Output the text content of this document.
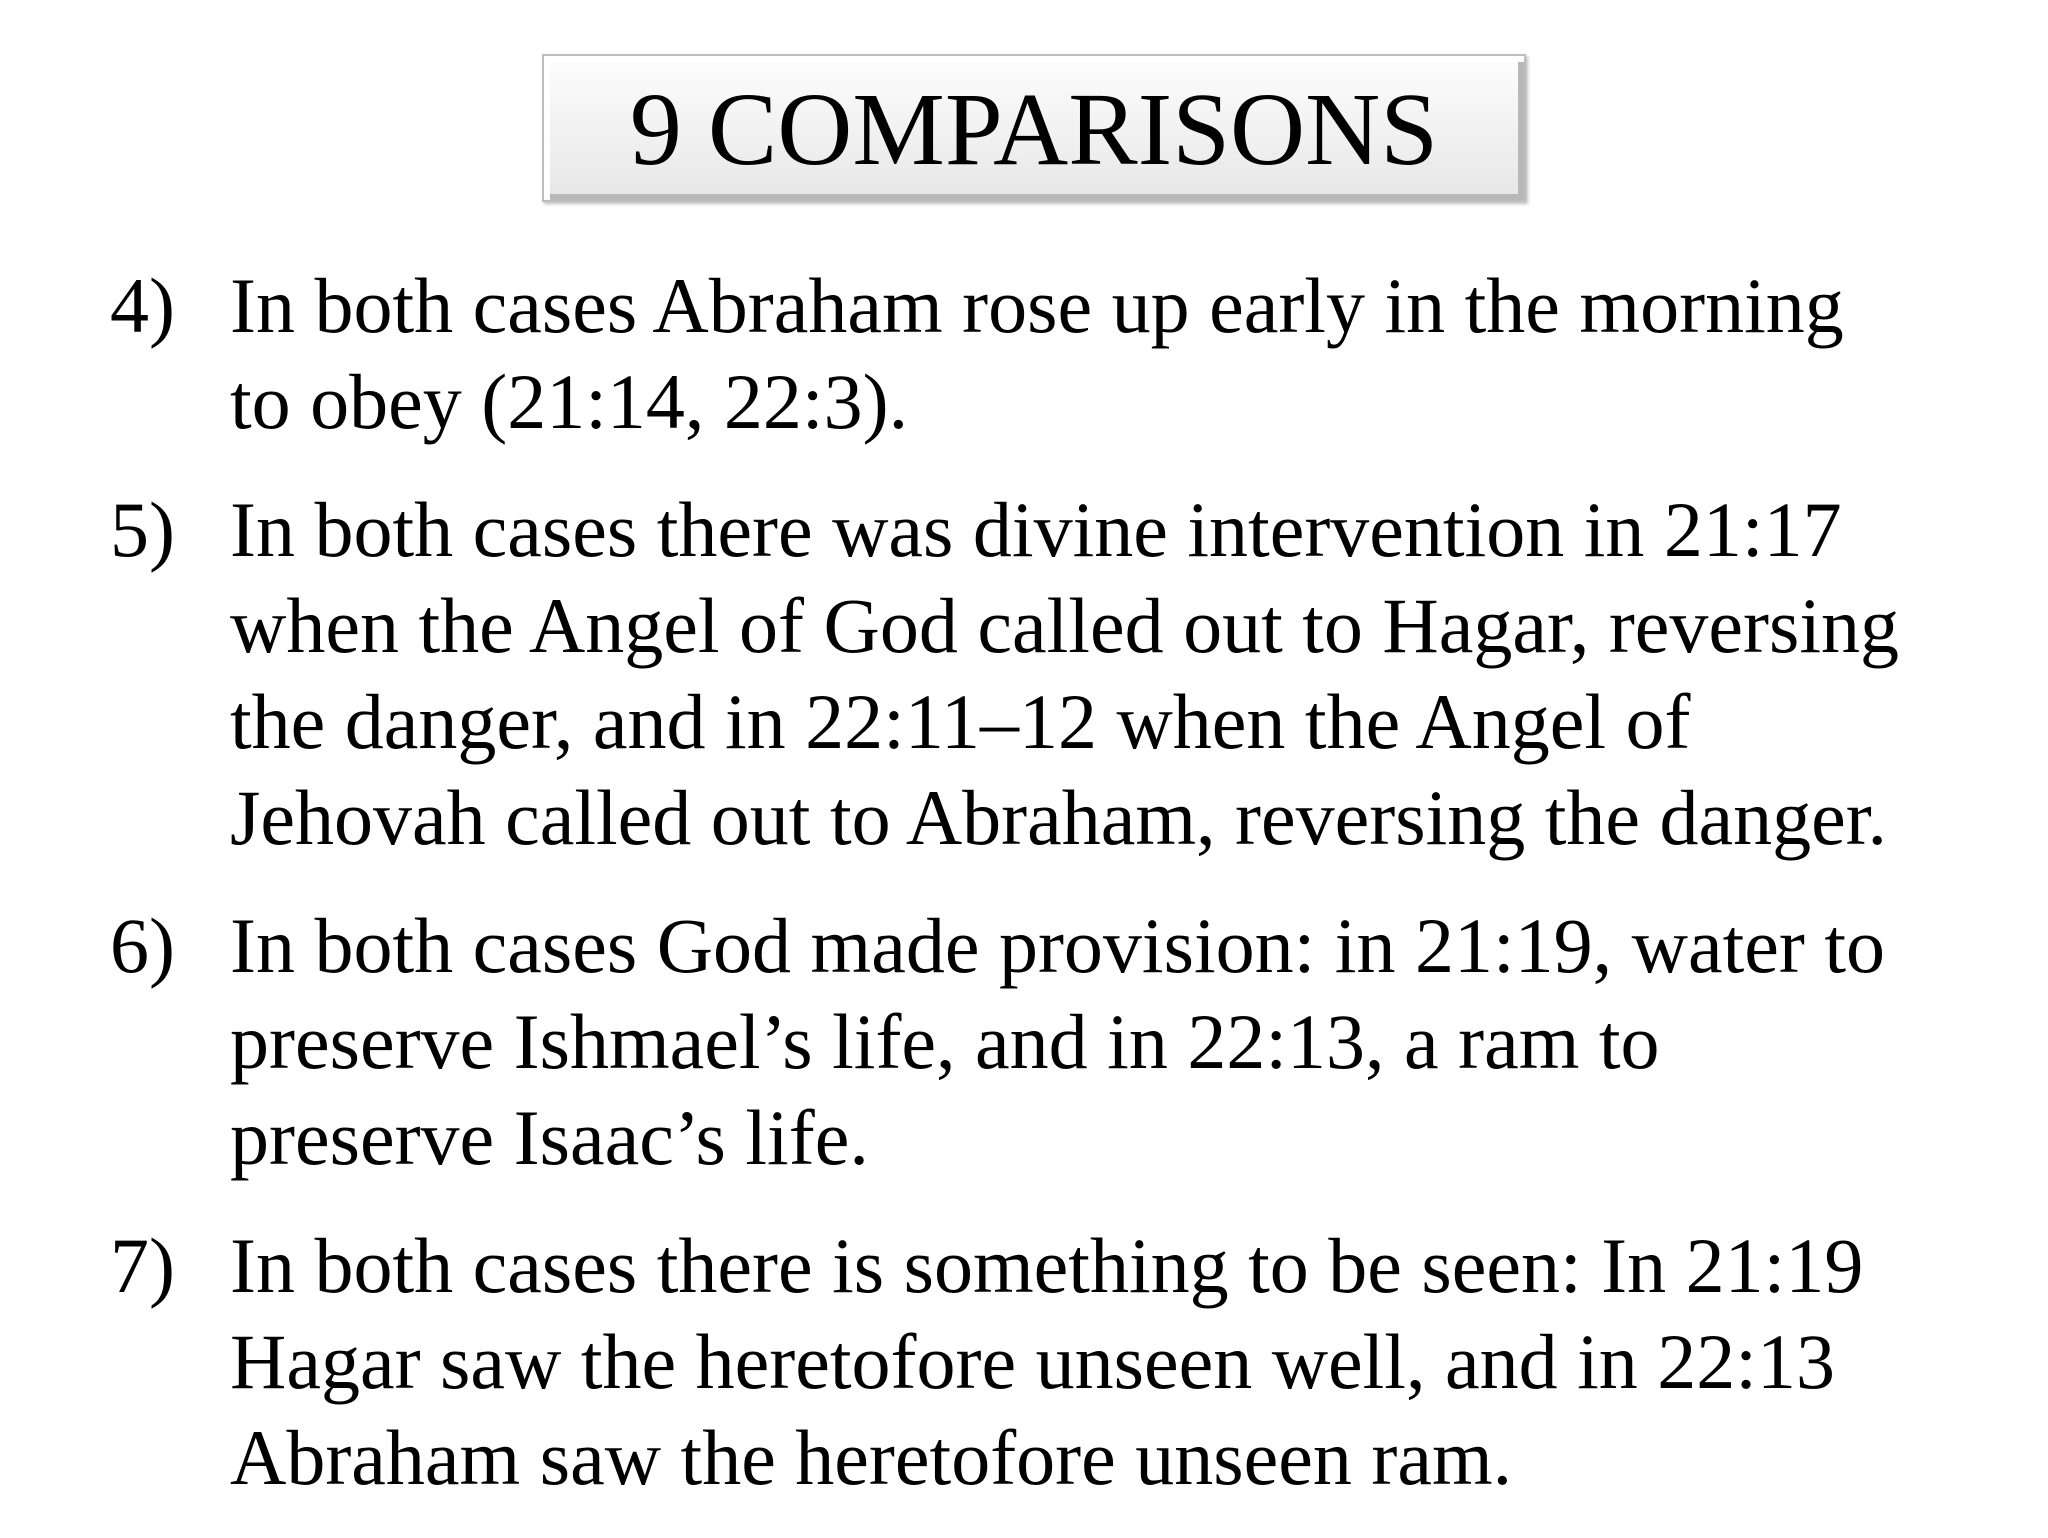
9 COMPARISONS
4) In both cases Abraham rose up early in the morning
to obey (21:14, 22:3).
5) In both cases there was divine intervention in 21:17
when the Angel of God called out to Hagar, reversing
the danger, and in 22:11–12 when the Angel of
Jehovah called out to Abraham, reversing the danger.
6) In both cases God made provision: in 21:19, water to
preserve Ishmael’s life, and in 22:13, a ram to
preserve Isaac’s life.
7) In both cases there is something to be seen: In 21:19
Hagar saw the heretofore unseen well, and in 22:13
Abraham saw the heretofore unseen ram.
